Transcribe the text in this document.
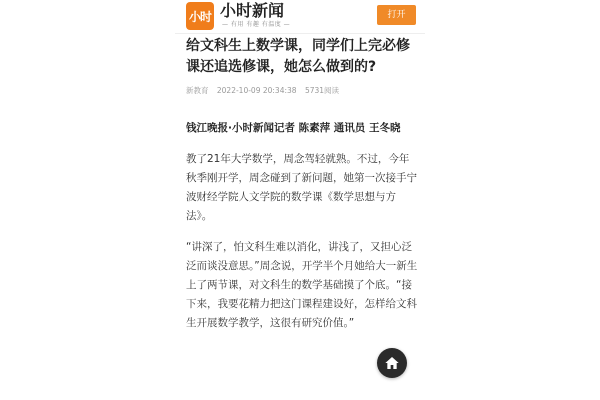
小时 小时新闻
— 有用 有趣 有温度 —
打开
给文科生上数学课，同学们上完必修课还追选修课，她怎么做到的?
新教育 2022-10-09 20:34:38 5731阅读
钱江晚报·小时新闻记者 陈素萍 通讯员 王冬晓

教了21年大学数学，周念驾轻就熟。不过，今年秋季刚开学，周念碰到了新问题，她第一次接手宁波财经学院人文学院的数学课《数学思想与方法》。

“讲深了，怕文科生难以消化，讲浅了，又担心泛泛而谈没意思。”周念说，开学半个月她给大一新生上了两节课，对文科生的数学基础摸了个底。“接下来，我要花精力把这门课程建设好，怎样给文科生开展数学教学，这很有研究价值。”
